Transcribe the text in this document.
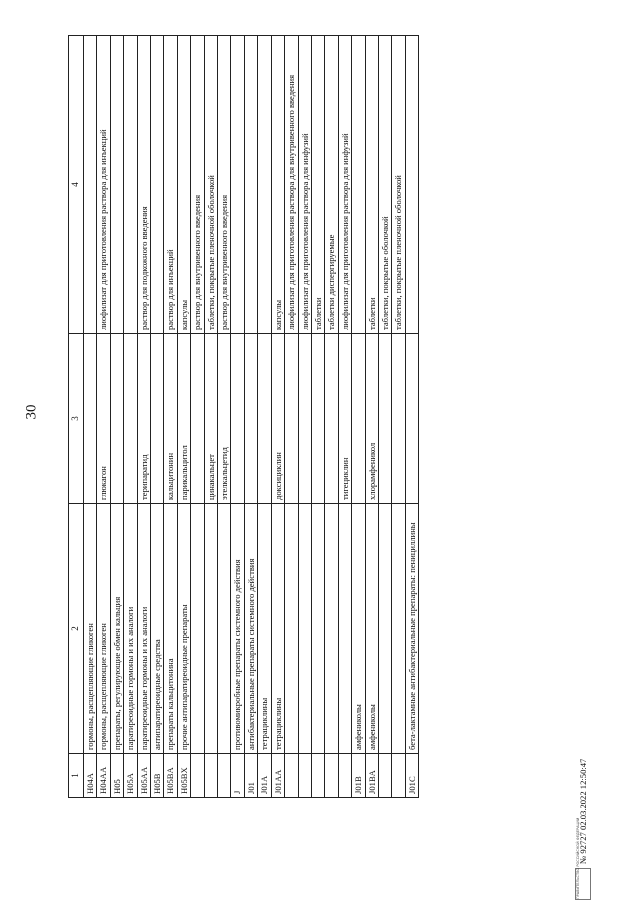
30
1	2	3	4
H04A	гормоны, расщепляющие гликоген		
H04AA	гормоны, расщепляющие гликоген	глюкагон	лиофилизат для приготовления раствора для инъекций
H05	препараты, регулирующие обмен кальция		
H05A	паратиреоидные гормоны и их аналоги		
H05AA	паратиреоидные гормоны и их аналоги	терипаратид	раствор для подкожного введения
H05B	антипаратиреоидные средства		
H05BA	препараты кальцитонина	кальцитонин	раствор для инъекций
H05BX	прочие антипаратиреоидные препараты	парикальцитол	капсулы
			раствор для внутривенного введения
		цинакальцет	таблетки, покрытые пленочной оболочкой
		этелкальцетид	раствор для внутривенного введения
J	противомикробные препараты системного действия		
J01	антибактериальные препараты системного действия		
J01A	тетрациклины		
J01AA	тетрациклины	доксициклин	капсулы
			лиофилизат для приготовления раствора для внутривенного введения
			лиофилизат для приготовления раствора для инфузий
			таблетки
			таблетки диспергируемые
		тигециклин	лиофилизат для приготовления раствора для инфузий
J01B	амфениколы		
J01BA	амфениколы	хлорамфеникол	таблетки
			таблетки, покрытые оболочкой
			таблетки, покрытые пленочной оболочкой
J01C	бета-лактамные антибактериальные препараты: пенициллины		
ПРАВИТЕЛЬСТВО РОССИЙСКОЙ ФЕДЕРАЦИИ
№ 92727 02.03.2022 12:50:47
